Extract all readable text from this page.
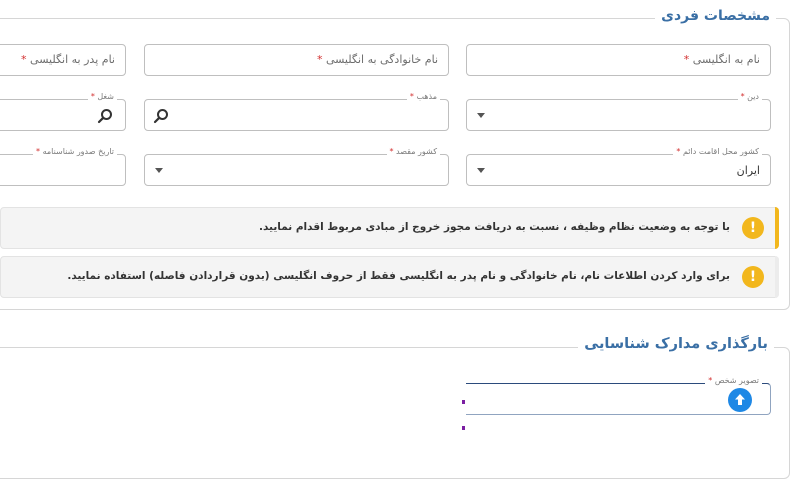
مشخصات فردی
نام به انگلیسی *
نام خانوادگی به انگلیسی *
نام پدر به انگلیسی *
دین *
مذهب *
شغل *
کشور محل اقامت دائم *
ایران
کشور مقصد *
تاریخ صدور شناسنامه *
!
با توجه به وضعیت نظام وظیفه ، نسبت به دریافت مجوز خروج از مبادی مربوط اقدام نمایید.
!
برای وارد کردن اطلاعات نام، نام خانوادگی و نام پدر به انگلیسی فقط از حروف انگلیسی (بدون قراردادن فاصله) استفاده نمایید.
بارگذاری مدارک شناسایی
تصویر شخص *
